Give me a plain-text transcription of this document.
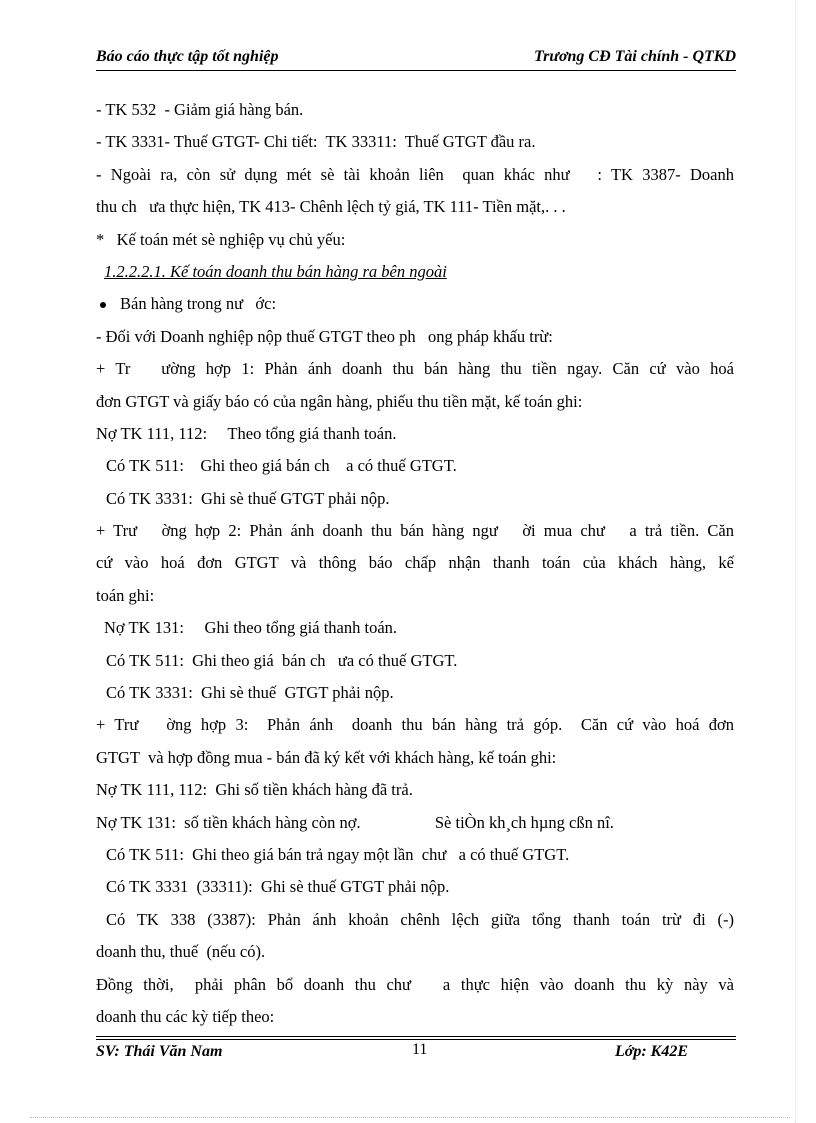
Báo cáo thực tập tốt nghiệp	Trương CĐ Tài chính - QTKD
- TK 532  - Giảm giá hàng bán.
- TK 3331- Thuế GTGT- Chi tiết:  TK 33311:  Thuế GTGT đầu ra.
- Ngoài ra, còn sử dụng mét sè tài khoản liên  quan khác như   : TK 3387- Doanh
thu ch   ưa thực hiện, TK 413- Chênh lệch tỷ giá, TK 111- Tiền mặt,. . .
*   Kế toán mét sè nghiệp vụ chủ yếu:
1.2.2.2.1. Kế toán doanh thu bán hàng ra bên ngoài
Bán hàng trong nư   ớc:
- Đối với Doanh nghiệp nộp thuế GTGT theo ph   ong pháp khấu trừ:
+ Tr   ường hợp 1: Phản ánh doanh thu bán hàng thu tiền ngay. Căn cứ vào hoá
đơn GTGT và giấy báo có của ngân hàng, phiếu thu tiền mặt, kế toán ghi:
Nợ TK 111, 112:     Theo tổng giá thanh toán.
Có TK 511:    Ghi theo giá bán ch    a có thuế GTGT.
Có TK 3331:  Ghi sè thuế GTGT phải nộp.
+ Trư   ờng hợp 2: Phản ánh doanh thu bán hàng ngư   ời mua chư   a trả tiền. Căn
cứ vào hoá đơn GTGT và thông báo chấp nhận thanh toán của khách hàng, kế
toán ghi:
Nợ TK 131:     Ghi theo tổng giá thanh toán.
Có TK 511:  Ghi theo giá  bán ch   ưa có thuế GTGT.
Có TK 3331:  Ghi sè thuế  GTGT phải nộp.
+ Trư   ờng hợp 3:  Phản ánh  doanh thu bán hàng trả góp.  Căn cứ vào hoá đơn
GTGT  và hợp đồng mua - bán đã ký kết với khách hàng, kế toán ghi:
Nợ TK 111, 112:  Ghi số tiền khách hàng đã trả.
Nợ TK 131:  số tiền khách hàng còn nợ.                  Sè tiÒn kh¸ch hµng cßn nî.
Có TK 511:  Ghi theo giá bán trả ngay một lần  chư   a có thuế GTGT.
Có TK 3331  (33311):  Ghi sè thuế GTGT phải nộp.
Có  TK  338  (3387):  Phản  ánh  khoản  chênh  lệch  giữa  tổng  thanh  toán  trừ  đi  (-)
doanh thu, thuế  (nếu có).
Đồng thời,  phải phân bổ doanh thu chư   a thực hiện vào doanh thu kỳ này và
doanh thu các kỳ tiếp theo:
SV: Thái Văn Nam	11	Lớp: K42E
